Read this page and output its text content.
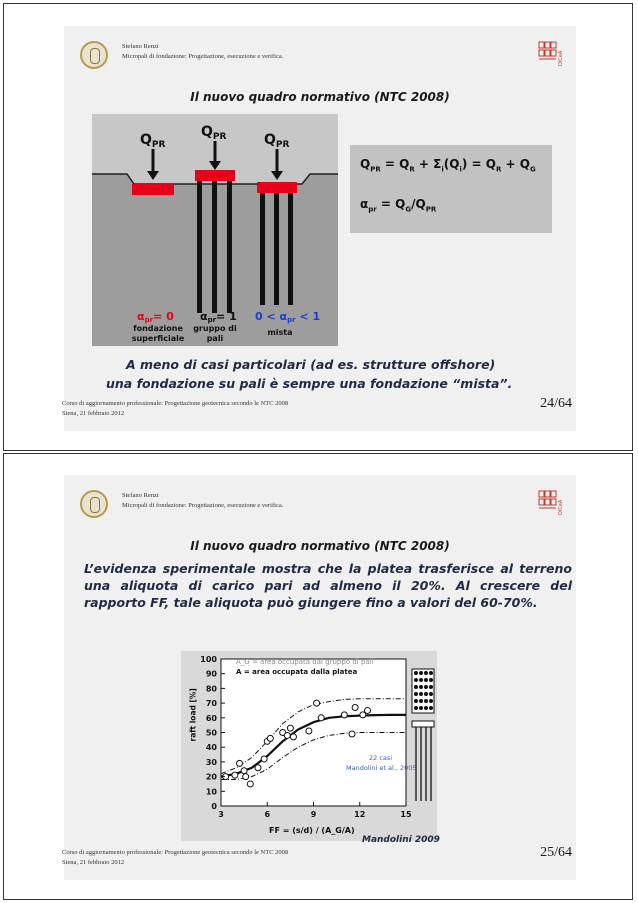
Stefano Renzi
Micropali di fondazione: Progettazione, esecuzione e verifica.	DICeA
Il nuovo quadro normativo (NTC 2008)
$Q_{PR}$
$Q_{PR}$	$Q_{PR}$
αpr= 0 αpr= 1 0 < αpr < 1
fondazione superficiale
gruppo di pali
mista
$Q_{PR} = Q_R + \Sigma_i(Q_i) = Q_R + Q_G$
$\alpha_{pr} = Q_G/Q_{PR}$
A meno di casi particolari (ad es. strutture offshore)
una fondazione su pali è sempre una fondazione “mista”.
Corso di aggiornamento professionale: Progettazione geotecnica secondo le NTC 2008
Siena, 21 febbraio 2012
24/64
Stefano Renzi
Micropali di fondazione: Progettazione, esecuzione e verifica.	DICeA
Il nuovo quadro normativo (NTC 2008)
L’evidenza sperimentale mostra che la platea trasferisce al terreno una aliquota di carico pari ad almeno il 20%. Al crescere del rapporto FF, tale aliquota può giungere fino a valori del 60-70%.
0
10
20
30
40
50
60
70
80
90
100
3	6	9	12	15
A_G = area occupata dal gruppo di pali
A = area occupata dalla platea
22 casi
Mandolini et al., 2005
raft load [%]
FF = (s/d) / (A_G/A)
Mandolini 2009
Corso di aggiornamento professionale: Progettazione geotecnica secondo le NTC 2008
Siena, 21 febbraio 2012
25/64
